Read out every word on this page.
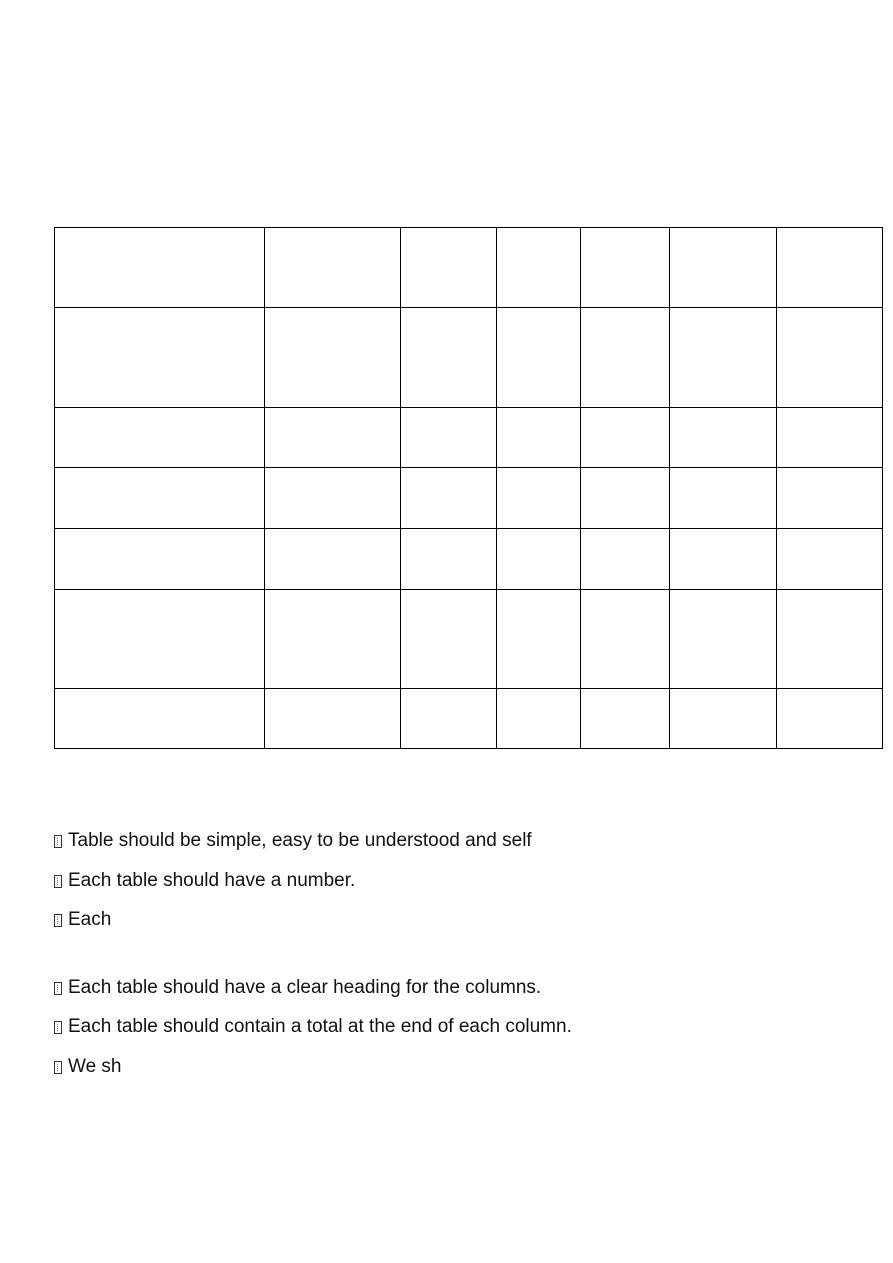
Table should be simple, easy to be understood and self
Each table should have a number.
Each
Each table should have a clear heading for the columns.
Each table should contain a total at the end of each column.
We sh
